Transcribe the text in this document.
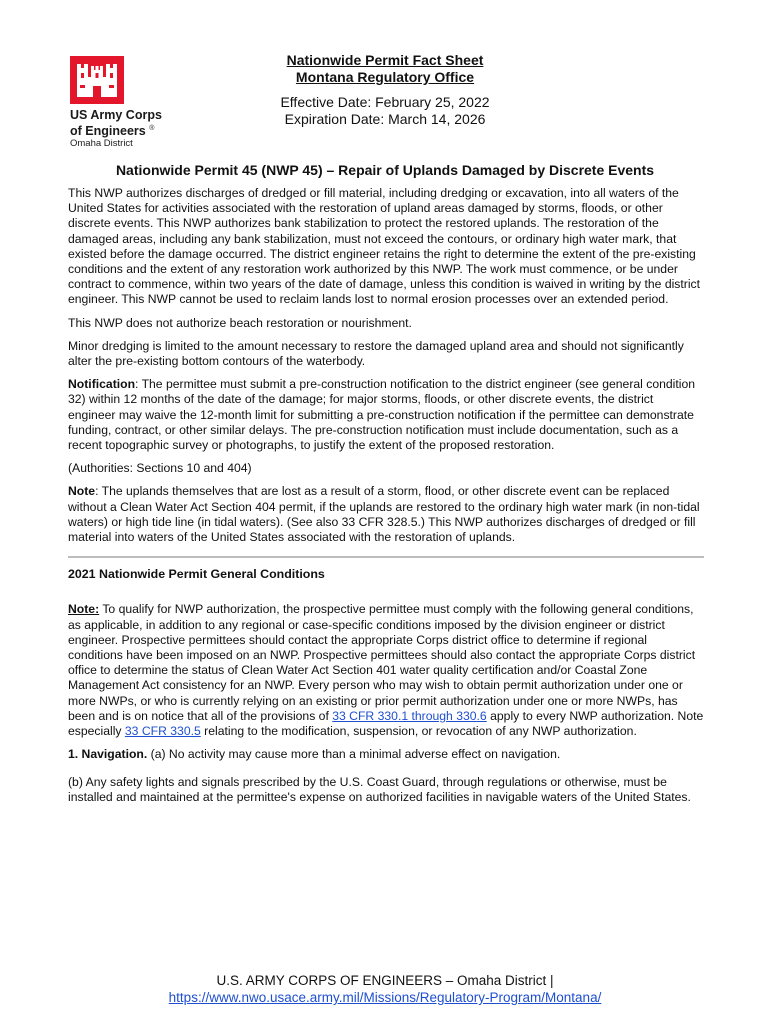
US Army Corps
of Engineers ®
Omaha District
Nationwide Permit Fact Sheet
Montana Regulatory Office
Effective Date: February 25, 2022
Expiration Date: March 14, 2026
Nationwide Permit 45 (NWP 45) – Repair of Uplands Damaged by Discrete Events

This NWP authorizes discharges of dredged or fill material, including dredging or excavation, into all waters of the United States for activities associated with the restoration of upland areas damaged by storms, floods, or other discrete events. This NWP authorizes bank stabilization to protect the restored uplands. The restoration of the damaged areas, including any bank stabilization, must not exceed the contours, or ordinary high water mark, that existed before the damage occurred. The district engineer retains the right to determine the extent of the pre-existing conditions and the extent of any restoration work authorized by this NWP. The work must commence, or be under contract to commence, within two years of the date of damage, unless this condition is waived in writing by the district engineer. This NWP cannot be used to reclaim lands lost to normal erosion processes over an extended period.

This NWP does not authorize beach restoration or nourishment.

Minor dredging is limited to the amount necessary to restore the damaged upland area and should not significantly alter the pre-existing bottom contours of the waterbody.

Notification: The permittee must submit a pre-construction notification to the district engineer (see general condition 32) within 12 months of the date of the damage; for major storms, floods, or other discrete events, the district engineer may waive the 12-month limit for submitting a pre-construction notification if the permittee can demonstrate funding, contract, or other similar delays. The pre-construction notification must include documentation, such as a recent topographic survey or photographs, to justify the extent of the proposed restoration.

(Authorities: Sections 10 and 404)

Note: The uplands themselves that are lost as a result of a storm, flood, or other discrete event can be replaced without a Clean Water Act Section 404 permit, if the uplands are restored to the ordinary high water mark (in non-tidal waters) or high tide line (in tidal waters). (See also 33 CFR 328.5.) This NWP authorizes discharges of dredged or fill material into waters of the United States associated with the restoration of uplands.

2021 Nationwide Permit General Conditions

Note: To qualify for NWP authorization, the prospective permittee must comply with the following general conditions, as applicable, in addition to any regional or case-specific conditions imposed by the division engineer or district engineer. Prospective permittees should contact the appropriate Corps district office to determine if regional conditions have been imposed on an NWP. Prospective permittees should also contact the appropriate Corps district office to determine the status of Clean Water Act Section 401 water quality certification and/or Coastal Zone Management Act consistency for an NWP. Every person who may wish to obtain permit authorization under one or more NWPs, or who is currently relying on an existing or prior permit authorization under one or more NWPs, has been and is on notice that all of the provisions of 33 CFR 330.1 through 330.6 apply to every NWP authorization. Note especially 33 CFR 330.5 relating to the modification, suspension, or revocation of any NWP authorization.

1. Navigation. (a) No activity may cause more than a minimal adverse effect on navigation.

(b) Any safety lights and signals prescribed by the U.S. Coast Guard, through regulations or otherwise, must be installed and maintained at the permittee's expense on authorized facilities in navigable waters of the United States.

U.S. ARMY CORPS OF ENGINEERS – Omaha District |
https://www.nwo.usace.army.mil/Missions/Regulatory-Program/Montana/
